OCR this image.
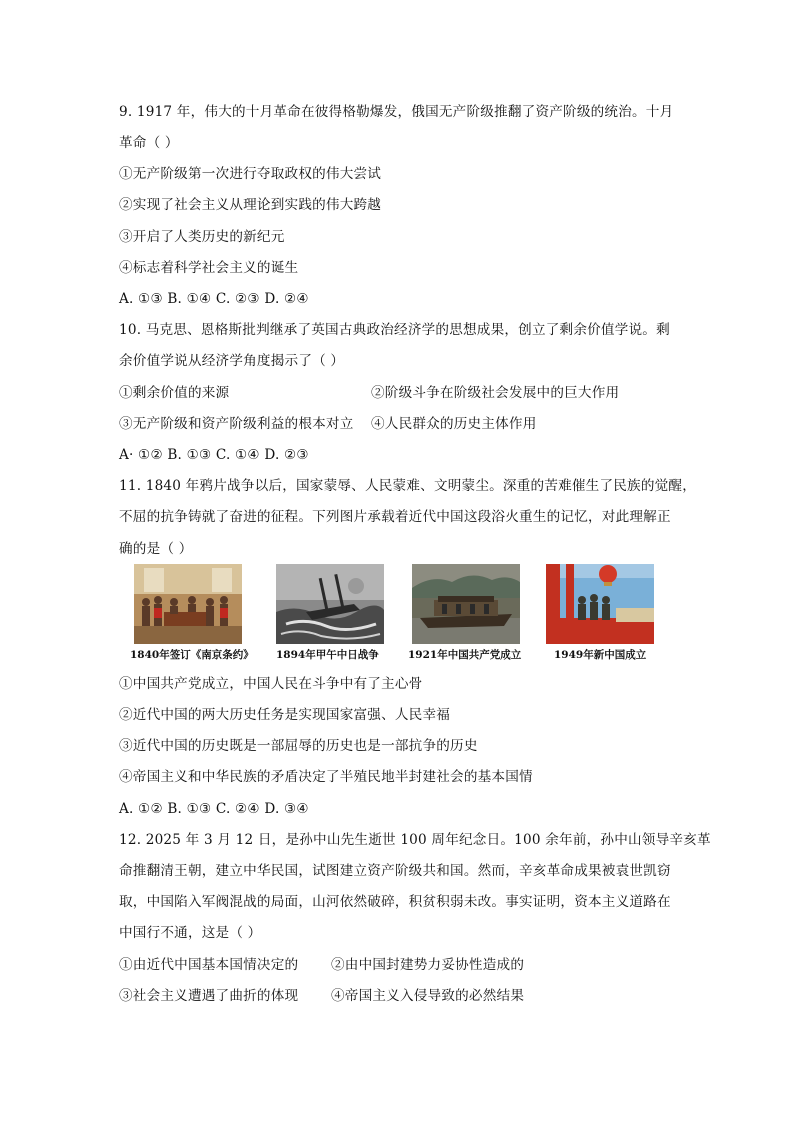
9. 1917 年，伟大的十月革命在彼得格勒爆发，俄国无产阶级推翻了资产阶级的统治。十月
革命（ ）
①无产阶级第一次进行夺取政权的伟大尝试
②实现了社会主义从理论到实践的伟大跨越
③开启了人类历史的新纪元
④标志着科学社会主义的诞生
A. ①③ B. ①④ C. ②③ D. ②④
10. 马克思、恩格斯批判继承了英国古典政治经济学的思想成果，创立了剩余价值学说。剩
余价值学说从经济学角度揭示了（ ）
①剩余价值的来源	②阶级斗争在阶级社会发展中的巨大作用
③无产阶级和资产阶级利益的根本对立 ④人民群众的历史主体作用
A· ①② B. ①③ C. ①④ D. ②③
11. 1840 年鸦片战争以后，国家蒙辱、人民蒙难、文明蒙尘。深重的苦难催生了民族的觉醒，
不屈的抗争铸就了奋进的征程。下列图片承载着近代中国这段浴火重生的记忆，对此理解正
确的是（ ）
1840年签订《南京条约》 1894年甲午中日战争	1921年中国共产党成立	1949年新中国成立
①中国共产党成立，中国人民在斗争中有了主心骨
②近代中国的两大历史任务是实现国家富强、人民幸福
③近代中国的历史既是一部屈辱的历史也是一部抗争的历史
④帝国主义和中华民族的矛盾决定了半殖民地半封建社会的基本国情
A. ①② B. ①③ C. ②④ D. ③④
12. 2025 年 3 月 12 日，是孙中山先生逝世 100 周年纪念日。100 余年前，孙中山领导辛亥革
命推翻清王朝，建立中华民国，试图建立资产阶级共和国。然而，辛亥革命成果被袁世凯窃
取，中国陷入军阀混战的局面，山河依然破碎，积贫积弱未改。事实证明，资本主义道路在
中国行不通，这是（ ）
①由近代中国基本国情决定的 ②由中国封建势力妥协性造成的
③社会主义遭遇了曲折的体现 ④帝国主义入侵导致的必然结果
